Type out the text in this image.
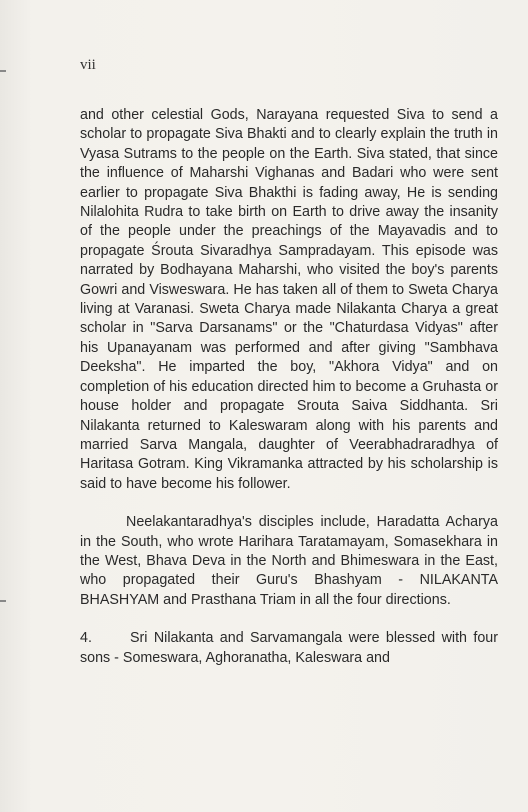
vii

and other celestial Gods, Narayana requested Siva to send a scholar to propagate Siva Bhakti and to clearly explain the truth in Vyasa Sutrams to the people on the Earth. Siva stated, that since the influence of Maharshi Vighanas and Badari who were sent earlier to propagate Siva Bhakthi is fading away, He is sending Nilalohita Rudra to take birth on Earth to drive away the insanity of the people under the preachings of the Mayavadis and to propagate Śrouta Sivaradhya Sampradayam. This episode was narrated by Bodhayana Maharshi, who visited the boy's parents Gowri and Visweswara. He has taken all of them to Sweta Charya living at Varanasi. Sweta Charya made Nilakanta Charya a great scholar in "Sarva Darsanams" or the "Chaturdasa Vidyas" after his Upanayanam was performed and after giving "Sambhava Deeksha". He imparted the boy, "Akhora Vidya" and on completion of his education directed him to become a Gruhasta or house holder and propagate Srouta Saiva Siddhanta. Sri Nilakanta returned to Kaleswaram along with his parents and married Sarva Mangala, daughter of Veerabhadraradhya of Haritasa Gotram. King Vikramanka attracted by his scholarship is said to have become his follower.

Neelakantaradhya's disciples include, Haradatta Acharya in the South, who wrote Harihara Taratamayam, Somasekhara in the West, Bhava Deva in the North and Bhimeswara in the East, who propagated their Guru's Bhashyam - NILAKANTA BHASHYAM and Prasthana Triam in all the four directions.

4.	Sri Nilakanta and Sarvamangala were blessed with four sons - Someswara, Aghoranatha, Kaleswara and
